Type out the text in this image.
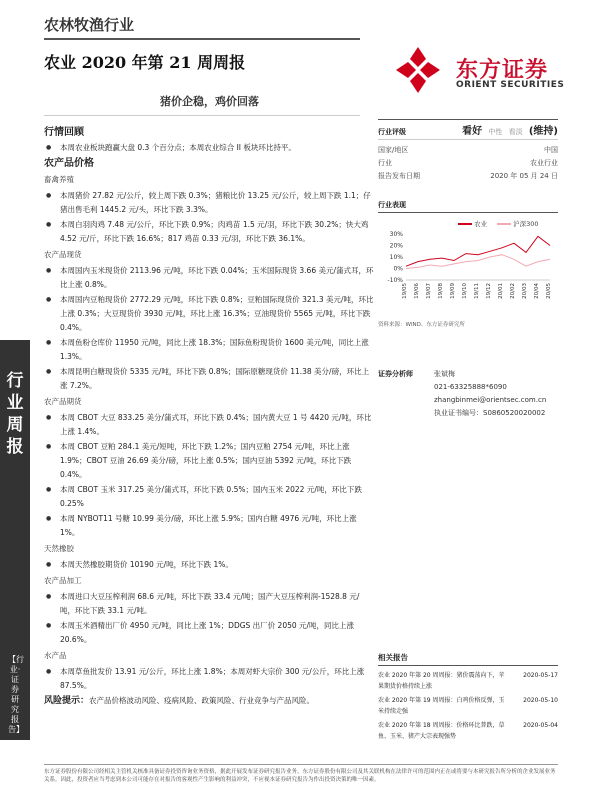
农林牧渔行业
农业 2020 年第 21 周周报
猪价企稳，鸡价回落
东方证券
ORIENT SECURITIES
行业周报
【行业·证券研究报告】
行情回顾
● 本周农业板块跑赢大盘 0.3 个百分点；本周农业综合 II 板块环比持平。
农产品价格
畜禽养殖
● 本周猪价 27.82 元/公斤，较上周下跌 0.3%；猪粮比价 13.25 元/公斤，较上周下跌 1.1；仔猪出售毛利 1445.2 元/头，环比下跌 3.3%。
● 本周白羽肉鸡 7.48 元/公斤，环比下跌 0.9%；肉鸡苗 1.5 元/羽，环比下跌 30.2%；快大鸡 4.52 元/斤，环比下跌 16.6%；817 鸡苗 0.33 元/羽，环比下跌 36.1%。
农产品现货
● 本周国内玉米现货价 2113.96 元/吨，环比下跌 0.04%；玉米国际现货 3.66 美元/蒲式耳，环比上涨 0.8%。
● 本周国内豆粕现货价 2772.29 元/吨，环比下跌 0.8%；豆粕国际现货价 321.3 美元/吨，环比上涨 0.3%；大豆现货价 3930 元/吨，环比上涨 16.3%；豆油现货价 5565 元/吨，环比下跌 0.4%。
● 本周鱼粉仓库价 11950 元/吨，同比上涨 18.3%；国际鱼粉现货价 1600 美元/吨，同比上涨 1.3%。
● 本周昆明白糖现货价 5335 元/吨，环比下跌 0.8%；国际原糖现货价 11.38 美分/磅，环比上涨 7.2%。
农产品期货
● 本周 CBOT 大豆 833.25 美分/蒲式耳，环比下跌 0.4%；国内黄大豆 1 号 4420 元/吨，环比上涨 1.4%。
● 本周 CBOT 豆粕 284.1 美元/短吨，环比下跌 1.2%；国内豆粕 2754 元/吨，环比上涨 1.9%；CBOT 豆油 26.69 美分/磅，环比上涨 0.5%；国内豆油 5392 元/吨，环比下跌 0.4%。
● 本周 CBOT 玉米 317.25 美分/蒲式耳，环比下跌 0.5%；国内玉米 2022 元/吨，环比下跌 0.25%
● 本周 NYBOT11 号糖 10.99 美分/磅，环比上涨 5.9%；国内白糖 4976 元/吨，环比上涨 1%。
天然橡胶
● 本周天然橡胶期货价 10190 元/吨，环比下跌 1%。
农产品加工
● 本周进口大豆压榨利润 68.6 元/吨，环比下跌 33.4 元/吨；国产大豆压榨利润-1528.8 元/吨，环比下跌 33.1 元/吨。
● 本周玉米酒精出厂价 4950 元/吨，同比上涨 1%；DDGS 出厂价 2050 元/吨，同比上涨 20.6%。
水产品
● 本周草鱼批发价 13.91 元/公斤，环比上涨 1.8%；本周对虾大宗价 300 元/公斤，环比上涨 87.5%。
风险提示：农产品价格波动风险、疫病风险、政策风险、行业竞争与产品风险。
行业评级	看好 中性 看淡 (维持)
国家/地区	中国
行业	农业行业
报告发布日期	2020 年 05 月 24 日
行业表现
农业	沪深300
30%
20%
10%
0%
-10%
19/05 19/06 19/07 19/08 19/09 19/10 19/11 19/12 20/01 20/02 20/03 20/04 20/05
资料来源：WIND、东方证券研究所
证券分析师	张斌梅
021-63325888*6090
zhangbinmei@orientsec.com.cn
执业证书编号：S0860520020002
相关报告
农业 2020 年第 20 周周报：猪价震荡向下，苹果期货价格持续上涨
2020-05-17
农业 2020 年第 19 周周报：白鸡价格反弹，玉米持续走强
2020-05-10
农业 2020 年第 18 周周报：价格环比普跌，草鱼、玉米、猪产大宗表现强势
2020-05-04
东方证券股份有限公司经相关主管机关核准具备证券投资咨询业务资格，据此开展发布证券研究报告业务。东方证券股份有限公司及其关联机构在法律许可的范围内正在或将要与本研究报告所分析的企业发展业务关系。因此，投资者应当考虑到本公司可能存在对报告的客观性产生影响的利益冲突，不应视本证券研究报告为作出投资决策的唯一因素。
